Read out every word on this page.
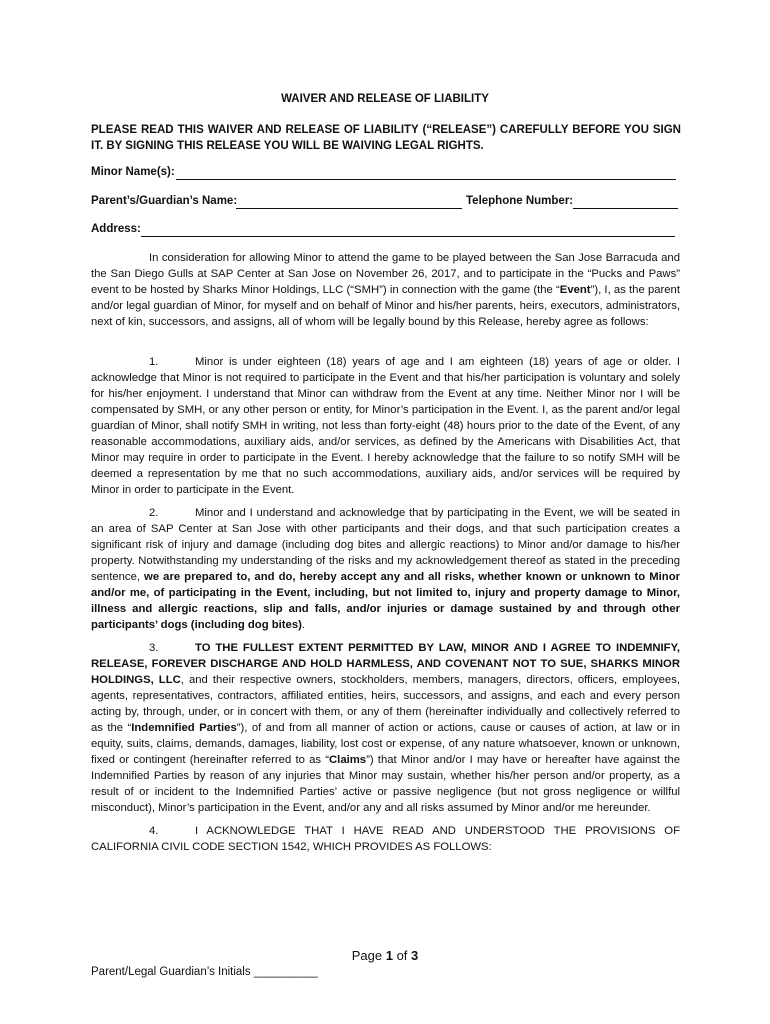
WAIVER AND RELEASE OF LIABILITY
PLEASE READ THIS WAIVER AND RELEASE OF LIABILITY (“RELEASE”) CAREFULLY BEFORE YOU SIGN IT. BY SIGNING THIS RELEASE YOU WILL BE WAIVING LEGAL RIGHTS.
Minor Name(s):
Parent’s/Guardian’s Name:	Telephone Number:
Address:
In consideration for allowing Minor to attend the game to be played between the San Jose Barracuda and the San Diego Gulls at SAP Center at San Jose on November 26, 2017, and to participate in the “Pucks and Paws” event to be hosted by Sharks Minor Holdings, LLC (“SMH”) in connection with the game (the “Event”), I, as the parent and/or legal guardian of Minor, for myself and on behalf of Minor and his/her parents, heirs, executors, administrators, next of kin, successors, and assigns, all of whom will be legally bound by this Release, hereby agree as follows:
1.	Minor is under eighteen (18) years of age and I am eighteen (18) years of age or older. I acknowledge that Minor is not required to participate in the Event and that his/her participation is voluntary and solely for his/her enjoyment. I understand that Minor can withdraw from the Event at any time. Neither Minor nor I will be compensated by SMH, or any other person or entity, for Minor’s participation in the Event. I, as the parent and/or legal guardian of Minor, shall notify SMH in writing, not less than forty-eight (48) hours prior to the date of the Event, of any reasonable accommodations, auxiliary aids, and/or services, as defined by the Americans with Disabilities Act, that Minor may require in order to participate in the Event. I hereby acknowledge that the failure to so notify SMH will be deemed a representation by me that no such accommodations, auxiliary aids, and/or services will be required by Minor in order to participate in the Event.
2.	Minor and I understand and acknowledge that by participating in the Event, we will be seated in an area of SAP Center at San Jose with other participants and their dogs, and that such participation creates a significant risk of injury and damage (including dog bites and allergic reactions) to Minor and/or damage to his/her property. Notwithstanding my understanding of the risks and my acknowledgement thereof as stated in the preceding sentence, we are prepared to, and do, hereby accept any and all risks, whether known or unknown to Minor and/or me, of participating in the Event, including, but not limited to, injury and property damage to Minor, illness and allergic reactions, slip and falls, and/or injuries or damage sustained by and through other participants’ dogs (including dog bites).
3.	TO THE FULLEST EXTENT PERMITTED BY LAW, MINOR AND I AGREE TO INDEMNIFY, RELEASE, FOREVER DISCHARGE AND HOLD HARMLESS, AND COVENANT NOT TO SUE, SHARKS MINOR HOLDINGS, LLC, and their respective owners, stockholders, members, managers, directors, officers, employees, agents, representatives, contractors, affiliated entities, heirs, successors, and assigns, and each and every person acting by, through, under, or in concert with them, or any of them (hereinafter individually and collectively referred to as the “Indemnified Parties”), of and from all manner of action or actions, cause or causes of action, at law or in equity, suits, claims, demands, damages, liability, lost cost or expense, of any nature whatsoever, known or unknown, fixed or contingent (hereinafter referred to as “Claims”) that Minor and/or I may have or hereafter have against the Indemnified Parties by reason of any injuries that Minor may sustain, whether his/her person and/or property, as a result of or incident to the Indemnified Parties’ active or passive negligence (but not gross negligence or willful misconduct), Minor’s participation in the Event, and/or any and all risks assumed by Minor and/or me hereunder.
4.	I ACKNOWLEDGE THAT I HAVE READ AND UNDERSTOOD THE PROVISIONS OF CALIFORNIA CIVIL CODE SECTION 1542, WHICH PROVIDES AS FOLLOWS:
Page 1 of 3
Parent/Legal Guardian’s Initials __________
